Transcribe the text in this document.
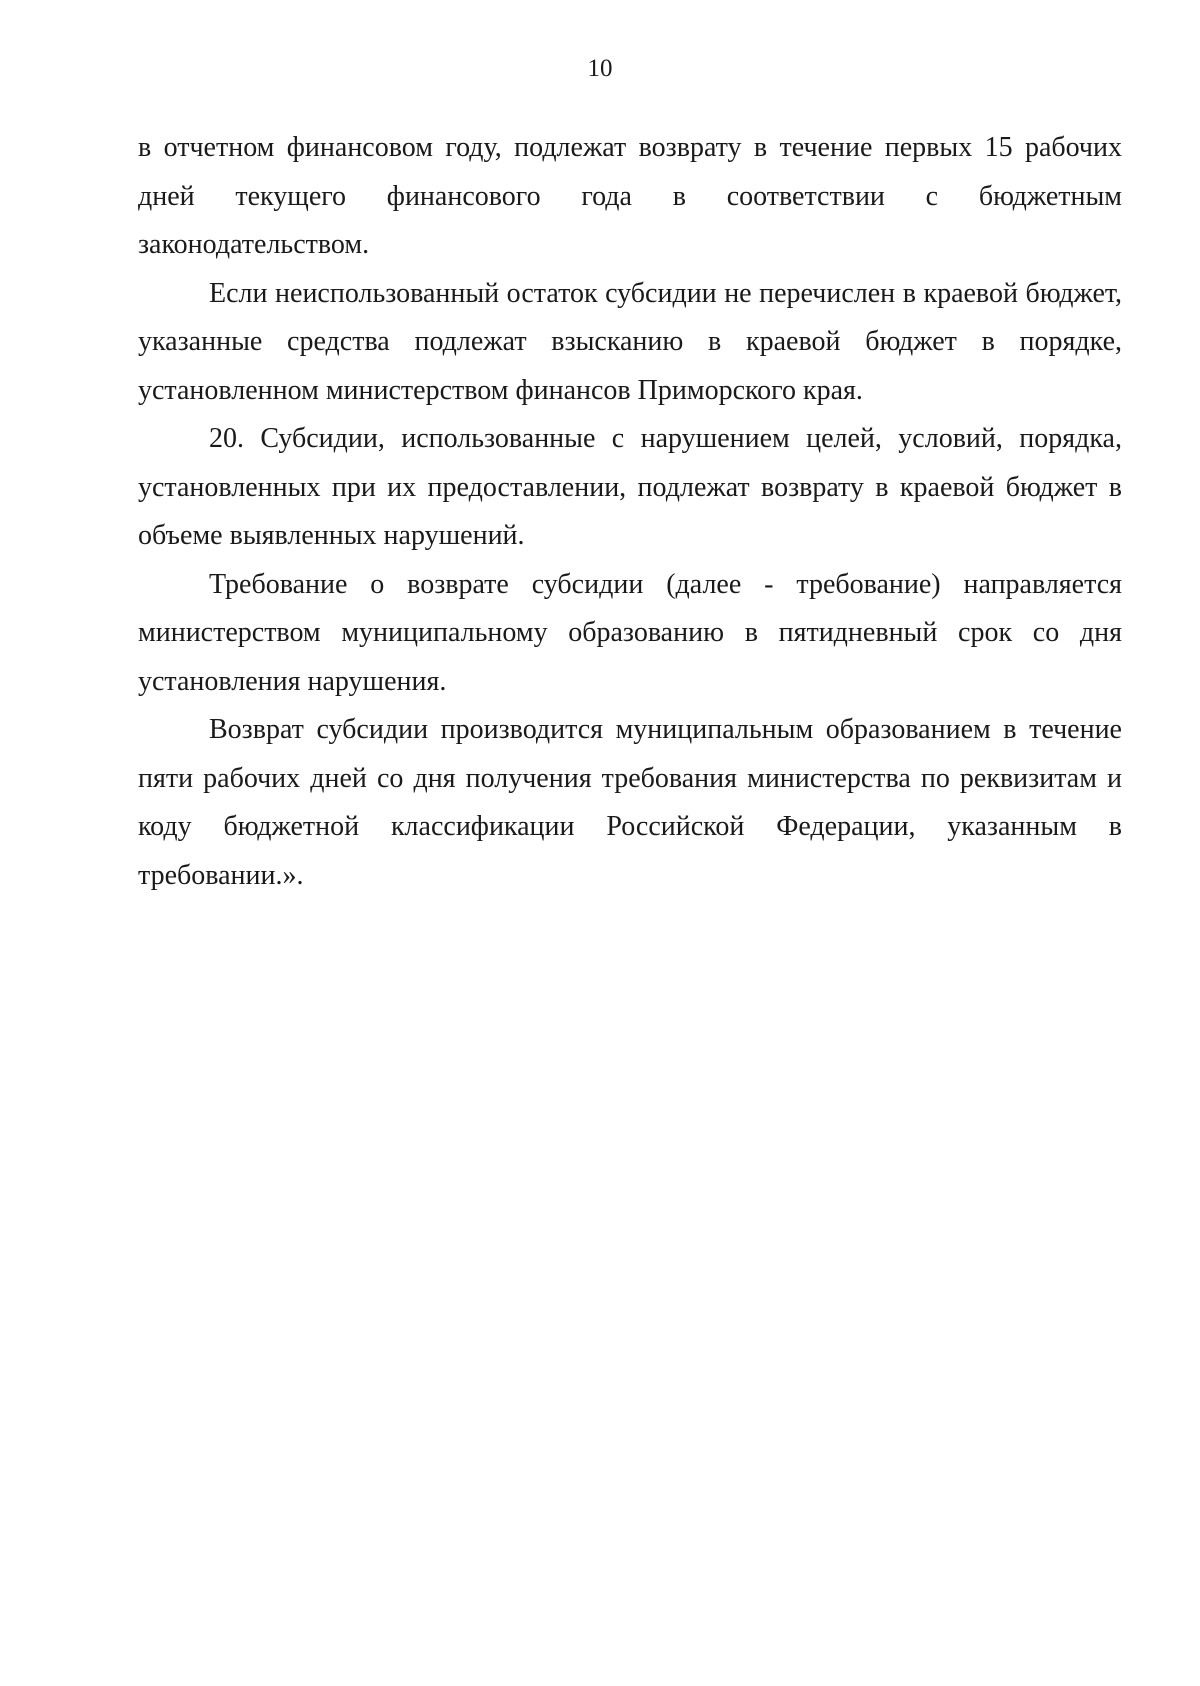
10

в отчетном финансовом году, подлежат возврату в течение первых 15 рабочих дней текущего финансового года в соответствии с бюджетным законодательством.

Если неиспользованный остаток субсидии не перечислен в краевой бюджет, указанные средства подлежат взысканию в краевой бюджет в порядке, установленном министерством финансов Приморского края.

20. Субсидии, использованные с нарушением целей, условий, порядка, установленных при их предоставлении, подлежат возврату в краевой бюджет в объеме выявленных нарушений.

Требование о возврате субсидии (далее - требование) направляется министерством муниципальному образованию в пятидневный срок со дня установления нарушения.

Возврат субсидии производится муниципальным образованием в течение пяти рабочих дней со дня получения требования министерства по реквизитам и коду бюджетной классификации Российской Федерации, указанным в требовании.».
